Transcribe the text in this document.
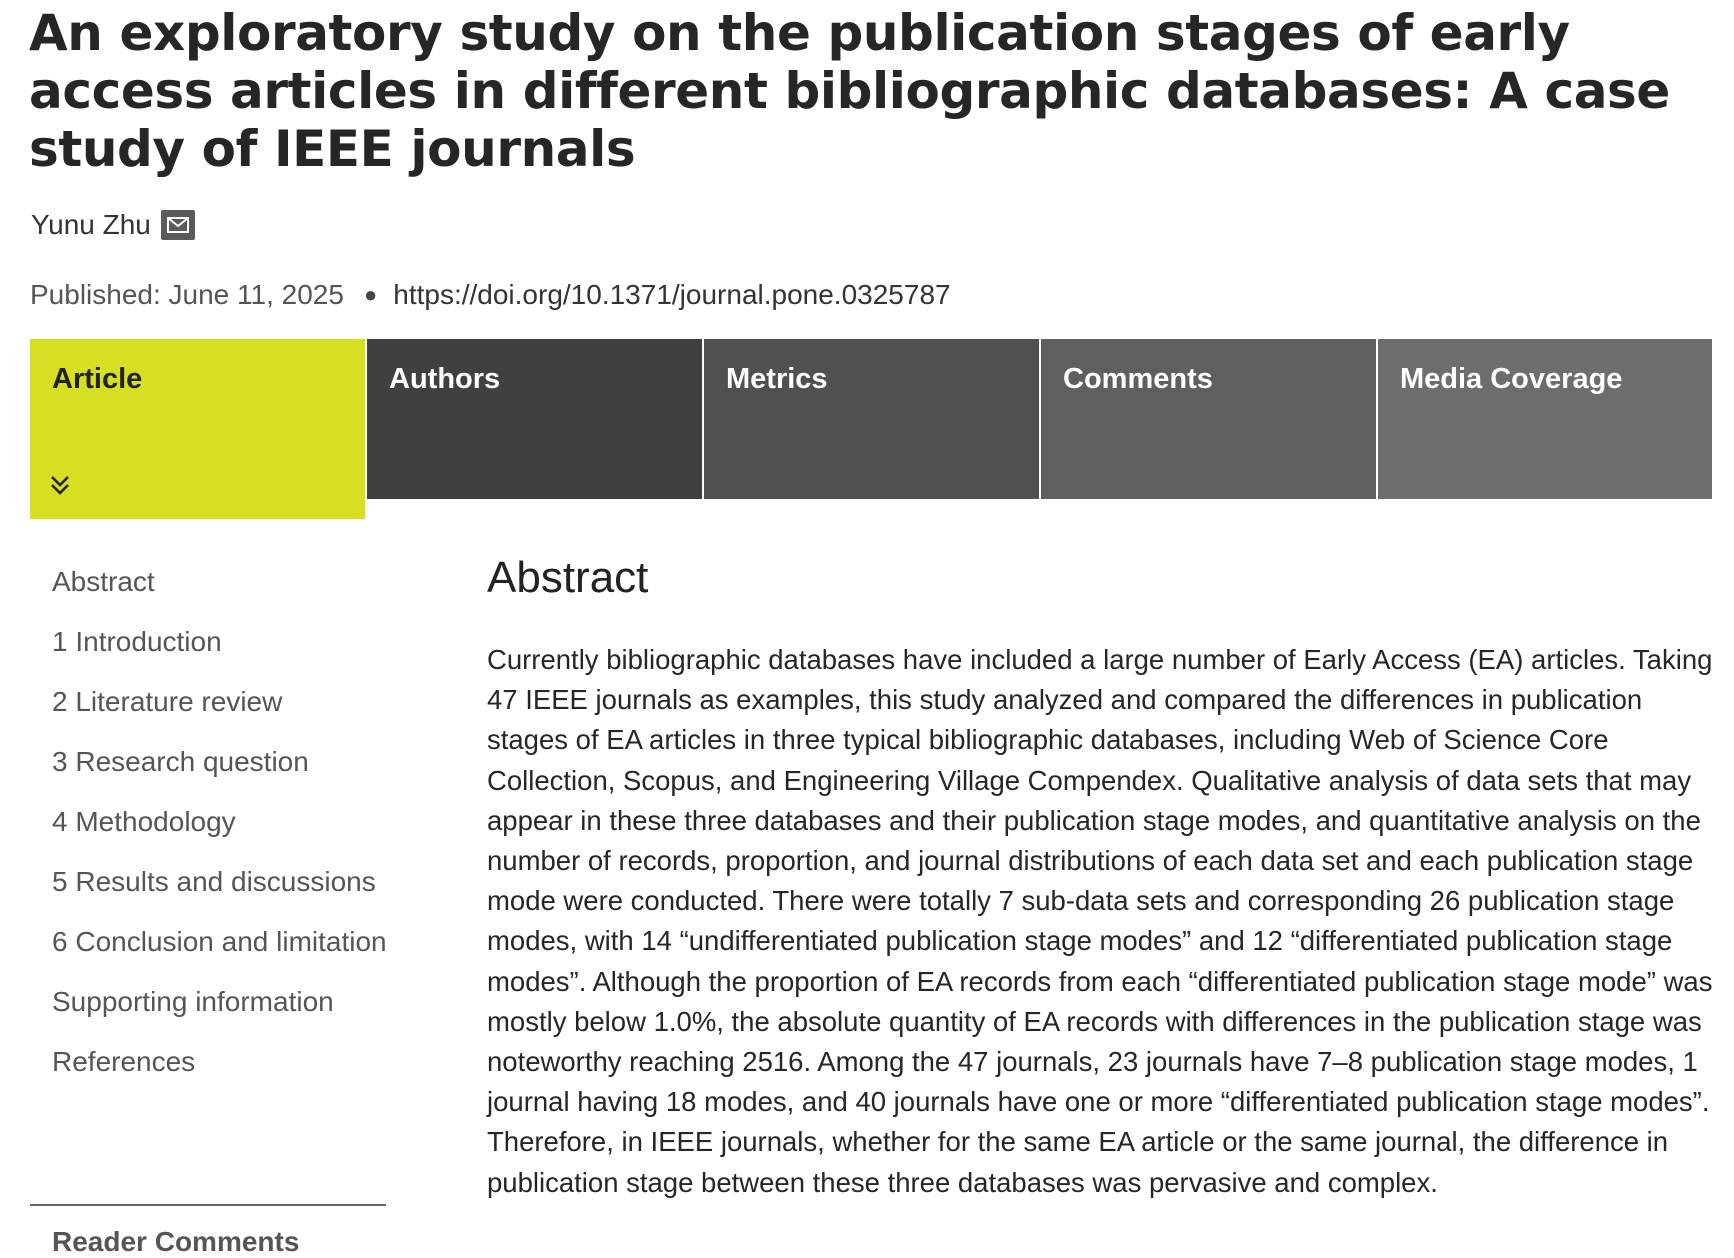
An exploratory study on the publication stages of early access articles in different bibliographic databases: A case study of IEEE journals
Yunu Zhu
Published: June 11, 2025 ● https://doi.org/10.1371/journal.pone.0325787
Article	Authors	Metrics	Comments	Media Coverage
Abstract
1 Introduction
2 Literature review
3 Research question
4 Methodology
5 Results and discussions
6 Conclusion and limitation
Supporting information
References
Reader Comments
Abstract

Currently bibliographic databases have included a large number of Early Access (EA) articles. Taking 47 IEEE journals as examples, this study analyzed and compared the differences in publication stages of EA articles in three typical bibliographic databases, including Web of Science Core Collection, Scopus, and Engineering Village Compendex. Qualitative analysis of data sets that may appear in these three databases and their publication stage modes, and quantitative analysis on the number of records, proportion, and journal distributions of each data set and each publication stage mode were conducted. There were totally 7 sub-data sets and corresponding 26 publication stage modes, with 14 “undifferentiated publication stage modes” and 12 “differentiated publication stage modes”. Although the proportion of EA records from each “differentiated publication stage mode” was mostly below 1.0%, the absolute quantity of EA records with differences in the publication stage was noteworthy reaching 2516. Among the 47 journals, 23 journals have 7–8 publication stage modes, 1 journal having 18 modes, and 40 journals have one or more “differentiated publication stage modes”. Therefore, in IEEE journals, whether for the same EA article or the same journal, the difference in publication stage between these three databases was pervasive and complex.
